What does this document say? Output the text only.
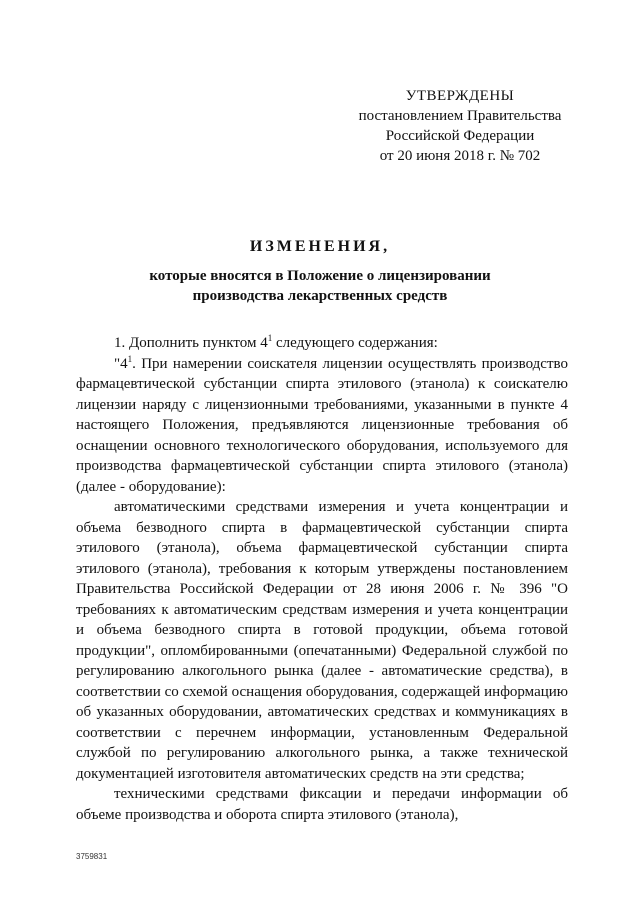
УТВЕРЖДЕНЫ
постановлением Правительства
Российской Федерации
от 20 июня 2018 г. № 702
ИЗМЕНЕНИЯ,
которые вносятся в Положение о лицензировании
производства лекарственных средств

1. Дополнить пунктом $4^1$ следующего содержания:

"$4^1$. При намерении соискателя лицензии осуществлять производство фармацевтической субстанции спирта этилового (этанола) к соискателю лицензии наряду с лицензионными требованиями, указанными в пункте 4 настоящего Положения, предъявляются лицензионные требования об оснащении основного технологического оборудования, используемого для производства фармацевтической субстанции спирта этилового (этанола) (далее - оборудование):

автоматическими средствами измерения и учета концентрации и объема безводного спирта в фармацевтической субстанции спирта этилового (этанола), объема фармацевтической субстанции спирта этилового (этанола), требования к которым утверждены постановлением Правительства Российской Федерации от 28 июня 2006 г. № 396 "О требованиях к автоматическим средствам измерения и учета концентрации и объема безводного спирта в готовой продукции, объема готовой продукции", опломбированными (опечатанными) Федеральной службой по регулированию алкогольного рынка (далее - автоматические средства), в соответствии со схемой оснащения оборудования, содержащей информацию об указанных оборудовании, автоматических средствах и коммуникациях в соответствии с перечнем информации, установленным Федеральной службой по регулированию алкогольного рынка, а также технической документацией изготовителя автоматических средств на эти средства;

техническими средствами фиксации и передачи информации об объеме производства и оборота спирта этилового (этанола),

3759831
